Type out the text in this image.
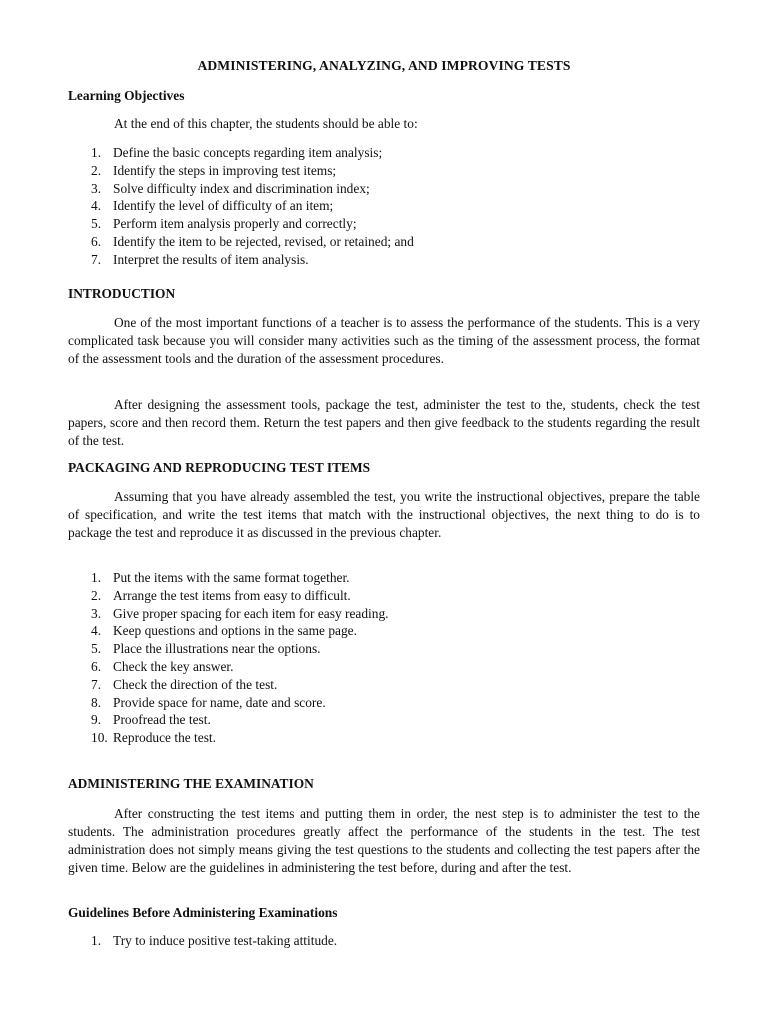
ADMINISTERING, ANALYZING, AND IMPROVING TESTS
Learning Objectives
At the end of this chapter, the students should be able to:
1. Define the basic concepts regarding item analysis;
2. Identify the steps in improving test items;
3. Solve difficulty index and discrimination index;
4. Identify the level of difficulty of an item;
5. Perform item analysis properly and correctly;
6. Identify the item to be rejected, revised, or retained; and
7. Interpret the results of item analysis.
INTRODUCTION

One of the most important functions of a teacher is to assess the performance of the students. This is a very complicated task because you will consider many activities such as the timing of the assessment process, the format of the assessment tools and the duration of the assessment procedures.

After designing the assessment tools, package the test, administer the test to the, students, check the test papers, score and then record them. Return the test papers and then give feedback to the students regarding the result of the test.

PACKAGING AND REPRODUCING TEST ITEMS

Assuming that you have already assembled the test, you write the instructional objectives, prepare the table of specification, and write the test items that match with the instructional objectives, the next thing to do is to package the test and reproduce it as discussed in the previous chapter.

1. Put the items with the same format together.
2. Arrange the test items from easy to difficult.
3. Give proper spacing for each item for easy reading.
4. Keep questions and options in the same page.
5. Place the illustrations near the options.
6. Check the key answer.
7. Check the direction of the test.
8. Provide space for name, date and score.
9. Proofread the test.
10. Reproduce the test.
ADMINISTERING THE EXAMINATION

After constructing the test items and putting them in order, the nest step is to administer the test to the students. The administration procedures greatly affect the performance of the students in the test. The test administration does not simply means giving the test questions to the students and collecting the test papers after the given time. Below are the guidelines in administering the test before, during and after the test.

Guidelines Before Administering Examinations
1. Try to induce positive test-taking attitude.
